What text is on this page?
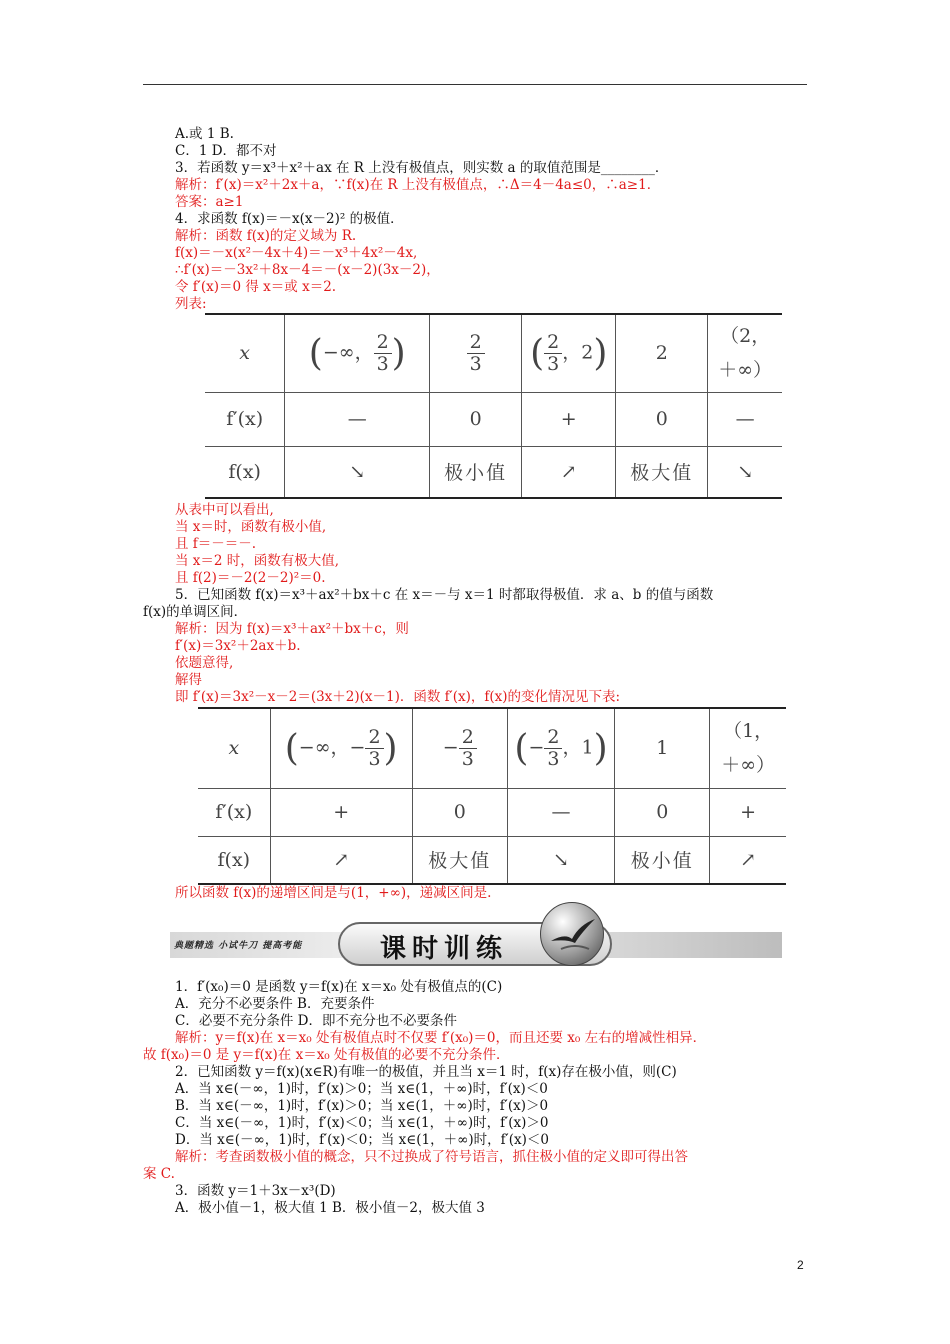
A.或 1 B.
C．1 D．都不对
3．若函数 y＝x³＋x²＋ax 在 R 上没有极值点，则实数 a 的取值范围是________．
解析：f′(x)＝x²＋2x＋a，∵f(x)在 R 上没有极值点，∴Δ＝4－4a≤0，∴a≥1．
答案：a≥1
4．求函数 f(x)＝－x(x－2)² 的极值．
解析：函数 f(x)的定义域为 R.
f(x)＝－x(x²－4x＋4)＝－x³＋4x²－4x,
∴f′(x)＝－3x²＋8x－4＝－(x－2)(3x－2)，
令 f′(x)＝0 得 x＝或 x＝2.
列表:
x	(−∞， $\frac{2}{3}$ )	$\frac{2}{3}$	( $\frac{2}{3}$ ，2)	2	（2，
＋∞）
f′(x)	—	0	+	0	—
f(x)	↘	极小值	↗	极大值	↘
从表中可以看出,
当 x＝时，函数有极小值,
且 f＝－＝－.
当 x＝2 时，函数有极大值,
且 f(2)＝－2(2－2)²＝0.
5．已知函数 f(x)＝x³＋ax²＋bx＋c 在 x＝－与 x＝1 时都取得极值．求 a、b 的值与函数
f(x)的单调区间．
解析：因为 f(x)＝x³＋ax²＋bx＋c，则
f′(x)＝3x²＋2ax＋b.
依题意得,
解得
即 f′(x)＝3x²－x－2＝(3x＋2)(x－1)．函数 f′(x)，f(x)的变化情况见下表:
x	(−∞，− $\frac{2}{3}$ )	− $\frac{2}{3}$	(− $\frac{2}{3}$ ，1)	1	（1，
＋∞）
f′(x)	+	0	—	0	+
f(x)	↗	极大值	↘	极小值	↗
所以函数 f(x)的递增区间是与(1，+∞)，递减区间是.
典题精选 小试牛刀 提高考能	课时训练
1．f′(x₀)＝0 是函数 y＝f(x)在 x＝x₀ 处有极值点的(C)
A．充分不必要条件 B．充要条件
C．必要不充分条件 D．即不充分也不必要条件
解析：y＝f(x)在 x＝x₀ 处有极值点时不仅要 f′(x₀)＝0，而且还要 x₀ 左右的增减性相异．
故 f(x₀)＝0 是 y＝f(x)在 x＝x₀ 处有极值的必要不充分条件．
2．已知函数 y＝f(x)(x∈R)有唯一的极值，并且当 x＝1 时，f(x)存在极小值，则(C)
A．当 x∈(－∞，1)时，f′(x)＞0；当 x∈(1，＋∞)时，f′(x)＜0
B．当 x∈(－∞，1)时，f′(x)＞0；当 x∈(1，＋∞)时，f′(x)＞0
C．当 x∈(－∞，1)时，f′(x)＜0；当 x∈(1，＋∞)时，f′(x)＞0
D．当 x∈(－∞，1)时，f′(x)＜0；当 x∈(1，＋∞)时，f′(x)＜0
解析：考查函数极小值的概念，只不过换成了符号语言，抓住极小值的定义即可得出答
案 C.
3．函数 y＝1＋3x－x³(D)
A．极小值－1，极大值 1 B．极小值－2，极大值 3
2
